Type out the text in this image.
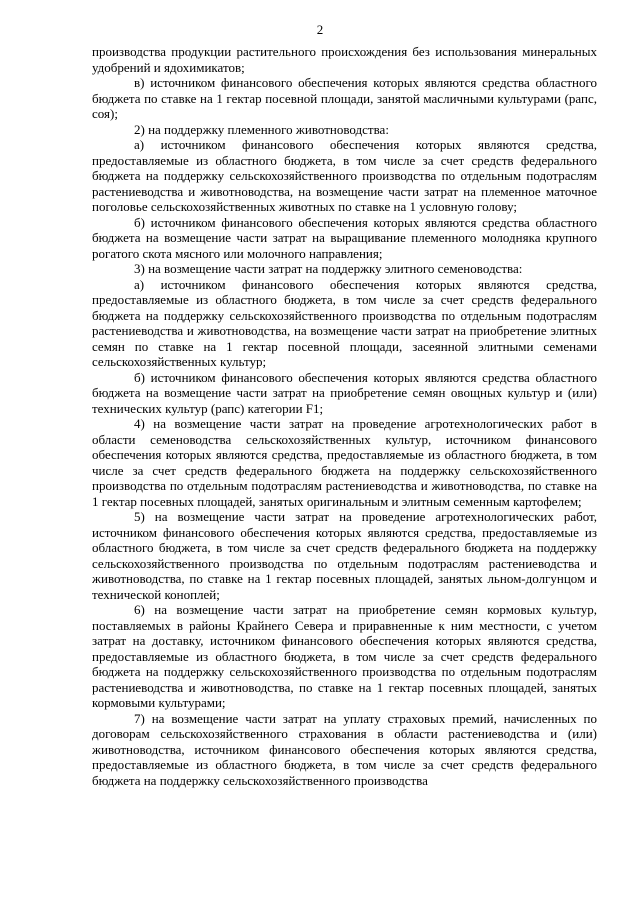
2

производства продукции растительного происхождения без использования минеральных удобрений и ядохимикатов;

в) источником финансового обеспечения которых являются средства областного бюджета по ставке на 1 гектар посевной площади, занятой масличными культурами (рапс, соя);

2) на поддержку племенного животноводства:

а) источником финансового обеспечения которых являются средства, предоставляемые из областного бюджета, в том числе за счет средств федерального бюджета на поддержку сельскохозяйственного производства по отдельным подотраслям растениеводства и животноводства, на возмещение части затрат на племенное маточное поголовье сельскохозяйственных животных по ставке на 1 условную голову;

б) источником финансового обеспечения которых являются средства областного бюджета на возмещение части затрат на выращивание племенного молодняка крупного рогатого скота мясного или молочного направления;

3) на возмещение части затрат на поддержку элитного семеноводства:

а) источником финансового обеспечения которых являются средства, предоставляемые из областного бюджета, в том числе за счет средств федерального бюджета на поддержку сельскохозяйственного производства по отдельным подотраслям растениеводства и животноводства, на возмещение части затрат на приобретение элитных семян по ставке на 1 гектар посевной площади, засеянной элитными семенами сельскохозяйственных культур;

б) источником финансового обеспечения которых являются средства областного бюджета на возмещение части затрат на приобретение семян овощных культур и (или) технических культур (рапс) категории F1;

4) на возмещение части затрат на проведение агротехнологических работ в области семеноводства сельскохозяйственных культур, источником финансового обеспечения которых являются средства, предоставляемые из областного бюджета, в том числе за счет средств федерального бюджета на поддержку сельскохозяйственного производства по отдельным подотраслям растениеводства и животноводства, по ставке на 1 гектар посевных площадей, занятых оригинальным и элитным семенным картофелем;

5) на возмещение части затрат на проведение агротехнологических работ, источником финансового обеспечения которых являются средства, предоставляемые из областного бюджета, в том числе за счет средств федерального бюджета на поддержку сельскохозяйственного производства по отдельным подотраслям растениеводства и животноводства, по ставке на 1 гектар посевных площадей, занятых льном-долгунцом и технической коноплей;

6) на возмещение части затрат на приобретение семян кормовых культур, поставляемых в районы Крайнего Севера и приравненные к ним местности, с учетом затрат на доставку, источником финансового обеспечения которых являются средства, предоставляемые из областного бюджета, в том числе за счет средств федерального бюджета на поддержку сельскохозяйственного производства по отдельным подотраслям растениеводства и животноводства, по ставке на 1 гектар посевных площадей, занятых кормовыми культурами;

7) на возмещение части затрат на уплату страховых премий, начисленных по договорам сельскохозяйственного страхования в области растениеводства и (или) животноводства, источником финансового обеспечения которых являются средства, предоставляемые из областного бюджета, в том числе за счет средств федерального бюджета на поддержку сельскохозяйственного производства
